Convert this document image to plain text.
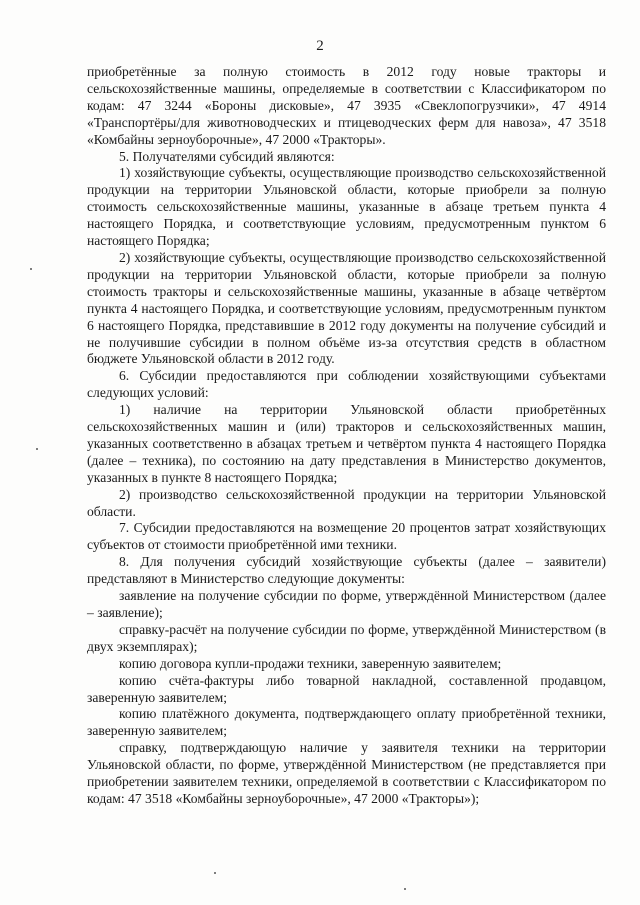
2

приобретённые за полную стоимость в 2012 году новые тракторы и сельскохозяйственные машины, определяемые в соответствии с Классификатором по кодам: 47 3244 «Бороны дисковые», 47 3935 «Свеклопогрузчики», 47 4914 «Транспортёры/для животноводческих и птицеводческих ферм для навоза», 47 3518 «Комбайны зерноуборочные», 47 2000 «Тракторы».

5. Получателями субсидий являются:

1) хозяйствующие субъекты, осуществляющие производство сельскохозяйственной продукции на территории Ульяновской области, которые приобрели за полную стоимость сельскохозяйственные машины, указанные в абзаце третьем пункта 4 настоящего Порядка, и соответствующие условиям, предусмотренным пунктом 6 настоящего Порядка;

2) хозяйствующие субъекты, осуществляющие производство сельскохозяйственной продукции на территории Ульяновской области, которые приобрели за полную стоимость тракторы и сельскохозяйственные машины, указанные в абзаце четвёртом пункта 4 настоящего Порядка, и соответствующие условиям, предусмотренным пунктом 6 настоящего Порядка, представившие в 2012 году документы на получение субсидий и не получившие субсидии в полном объёме из-за отсутствия средств в областном бюджете Ульяновской области в 2012 году.

6. Субсидии предоставляются при соблюдении хозяйствующими субъектами следующих условий:

1) наличие на территории Ульяновской области приобретённых сельскохозяйственных машин и (или) тракторов и сельскохозяйственных машин, указанных соответственно в абзацах третьем и четвёртом пункта 4 настоящего Порядка (далее – техника), по состоянию на дату представления в Министерство документов, указанных в пункте 8 настоящего Порядка;

2) производство сельскохозяйственной продукции на территории Ульяновской области.

7. Субсидии предоставляются на возмещение 20 процентов затрат хозяйствующих субъектов от стоимости приобретённой ими техники.

8. Для получения субсидий хозяйствующие субъекты (далее – заявители) представляют в Министерство следующие документы:

заявление на получение субсидии по форме, утверждённой Министерством (далее – заявление);

справку-расчёт на получение субсидии по форме, утверждённой Министерством (в двух экземплярах);

копию договора купли-продажи техники, заверенную заявителем;

копию счёта-фактуры либо товарной накладной, составленной продавцом, заверенную заявителем;

копию платёжного документа, подтверждающего оплату приобретённой техники, заверенную заявителем;

справку, подтверждающую наличие у заявителя техники на территории Ульяновской области, по форме, утверждённой Министерством (не представляется при приобретении заявителем техники, определяемой в соответствии с Классификатором по кодам: 47 3518 «Комбайны зерноуборочные», 47 2000 «Тракторы»);
